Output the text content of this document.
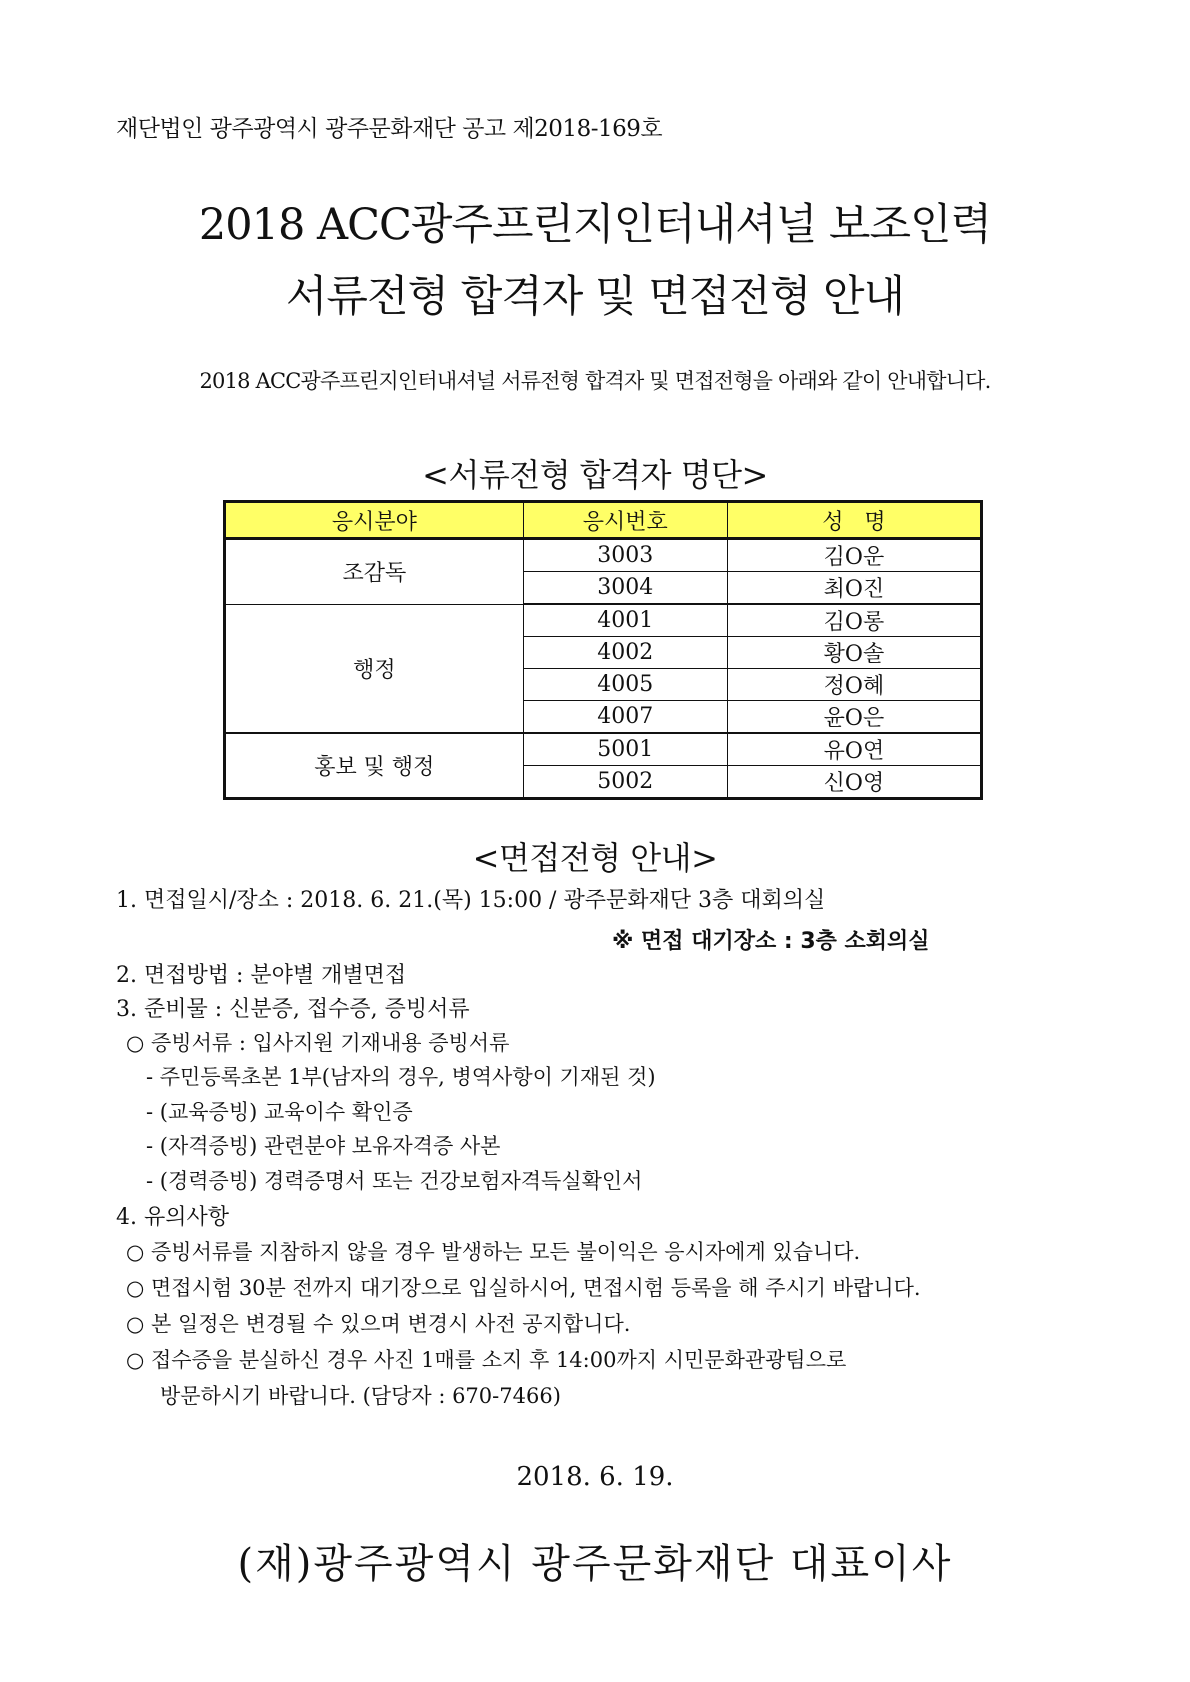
재단법인 광주광역시 광주문화재단 공고 제2018-169호
2018 ACC광주프린지인터내셔널 보조인력
서류전형 합격자 및 면접전형 안내
2018 ACC광주프린지인터내셔널 서류전형 합격자 및 면접전형을 아래와 같이 안내합니다.
<서류전형 합격자 명단>
응시분야	응시번호	성   명
조감독	3003	김O운
	3004	최O진
행정	4001	김O롱
	4002	황O솔
	4005	정O혜
	4007	윤O은
홍보 및 행정	5001	유O연
	5002	신O영
<면접전형 안내>
1. 면접일시/장소 : 2018. 6. 21.(목) 15:00 / 광주문화재단 3층 대회의실
2. 면접방법 : 분야별 개별면접
3. 준비물 : 신분증, 접수증, 증빙서류
○ 증빙서류 : 입사지원 기재내용 증빙서류
- 주민등록초본 1부(남자의 경우, 병역사항이 기재된 것)
- (교육증빙) 교육이수 확인증
- (자격증빙) 관련분야 보유자격증 사본
- (경력증빙) 경력증명서 또는 건강보험자격득실확인서
4. 유의사항
○ 증빙서류를 지참하지 않을 경우 발생하는 모든 불이익은 응시자에게 있습니다.
○ 면접시험 30분 전까지 대기장으로 입실하시어, 면접시험 등록을 해 주시기 바랍니다.
○ 본 일정은 변경될 수 있으며 변경시 사전 공지합니다.
○ 접수증을 분실하신 경우 사진 1매를 소지 후 14:00까지 시민문화관광팀으로
방문하시기 바랍니다. (담당자 : 670-7466)
※ 면접 대기장소 : 3층 소회의실
2018. 6. 19.
(재)광주광역시 광주문화재단 대표이사
